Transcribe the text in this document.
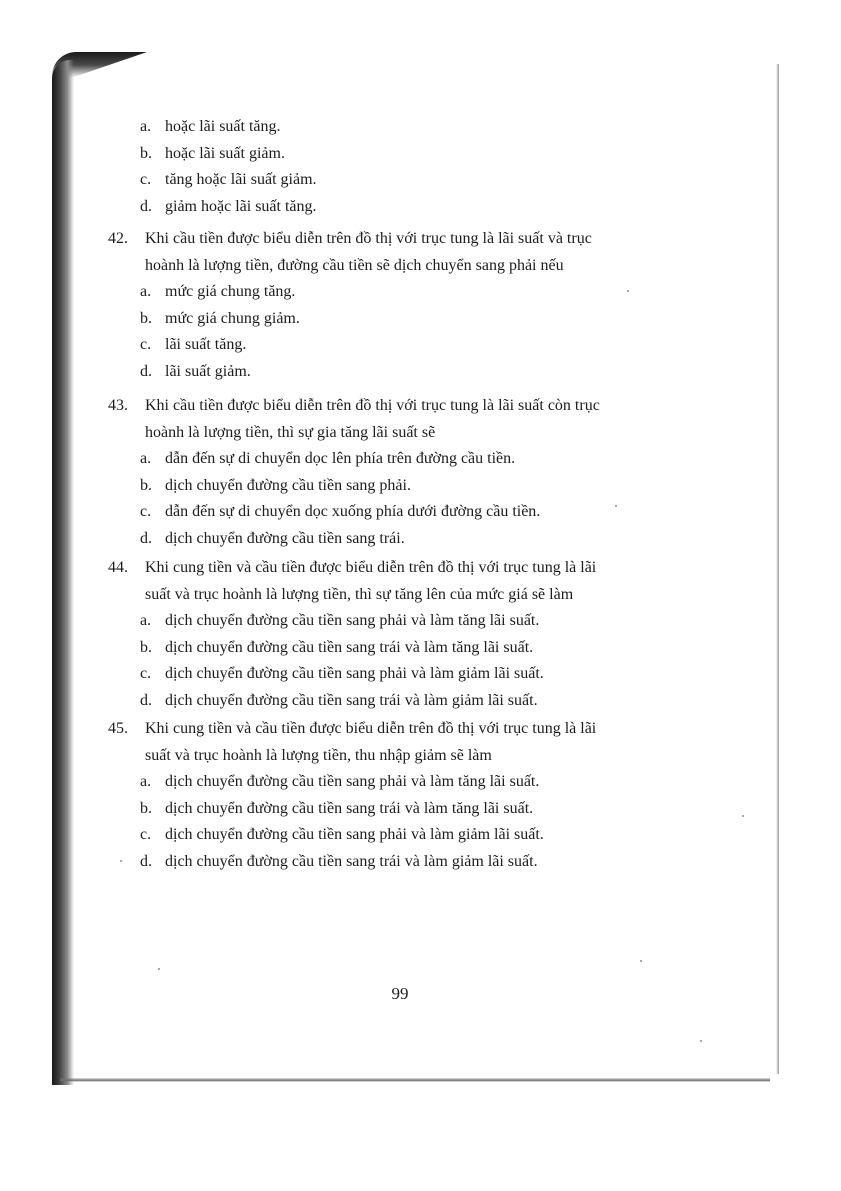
a. hoặc lãi suất tăng.
b. hoặc lãi suất giảm.
c. tăng hoặc lãi suất giảm.
d. giảm hoặc lãi suất tăng.
42.	Khi cầu tiền được biểu diễn trên đồ thị với trục tung là lãi suất và trục
hoành là lượng tiền, đường cầu tiền sẽ dịch chuyển sang phải nếu
a. mức giá chung tăng.
b. mức giá chung giảm.
c. lãi suất tăng.
d. lãi suất giảm.
43.	Khi cầu tiền được biểu diễn trên đồ thị với trục tung là lãi suất còn trục
hoành là lượng tiền, thì sự gia tăng lãi suất sẽ
a. dẫn đến sự di chuyển dọc lên phía trên đường cầu tiền.
b. dịch chuyển đường cầu tiền sang phải.
c. dẫn đến sự di chuyển dọc xuống phía dưới đường cầu tiền.
d. dịch chuyển đường cầu tiền sang trái.
44.	Khi cung tiền và cầu tiền được biểu diễn trên đồ thị với trục tung là lãi
suất và trục hoành là lượng tiền, thì sự tăng lên của mức giá sẽ làm
a. dịch chuyển đường cầu tiền sang phải và làm tăng lãi suất.
b. dịch chuyển đường cầu tiền sang trái và làm tăng lãi suất.
c. dịch chuyển đường cầu tiền sang phải và làm giảm lãi suất.
d. dịch chuyển đường cầu tiền sang trái và làm giảm lãi suất.
45.	Khi cung tiền và cầu tiền được biểu diễn trên đồ thị với trục tung là lãi
suất và trục hoành là lượng tiền, thu nhập giảm sẽ làm
a. dịch chuyển đường cầu tiền sang phải và làm tăng lãi suất.
b. dịch chuyển đường cầu tiền sang trái và làm tăng lãi suất.
c. dịch chuyển đường cầu tiền sang phải và làm giảm lãi suất.
d. dịch chuyển đường cầu tiền sang trái và làm giảm lãi suất.
99
